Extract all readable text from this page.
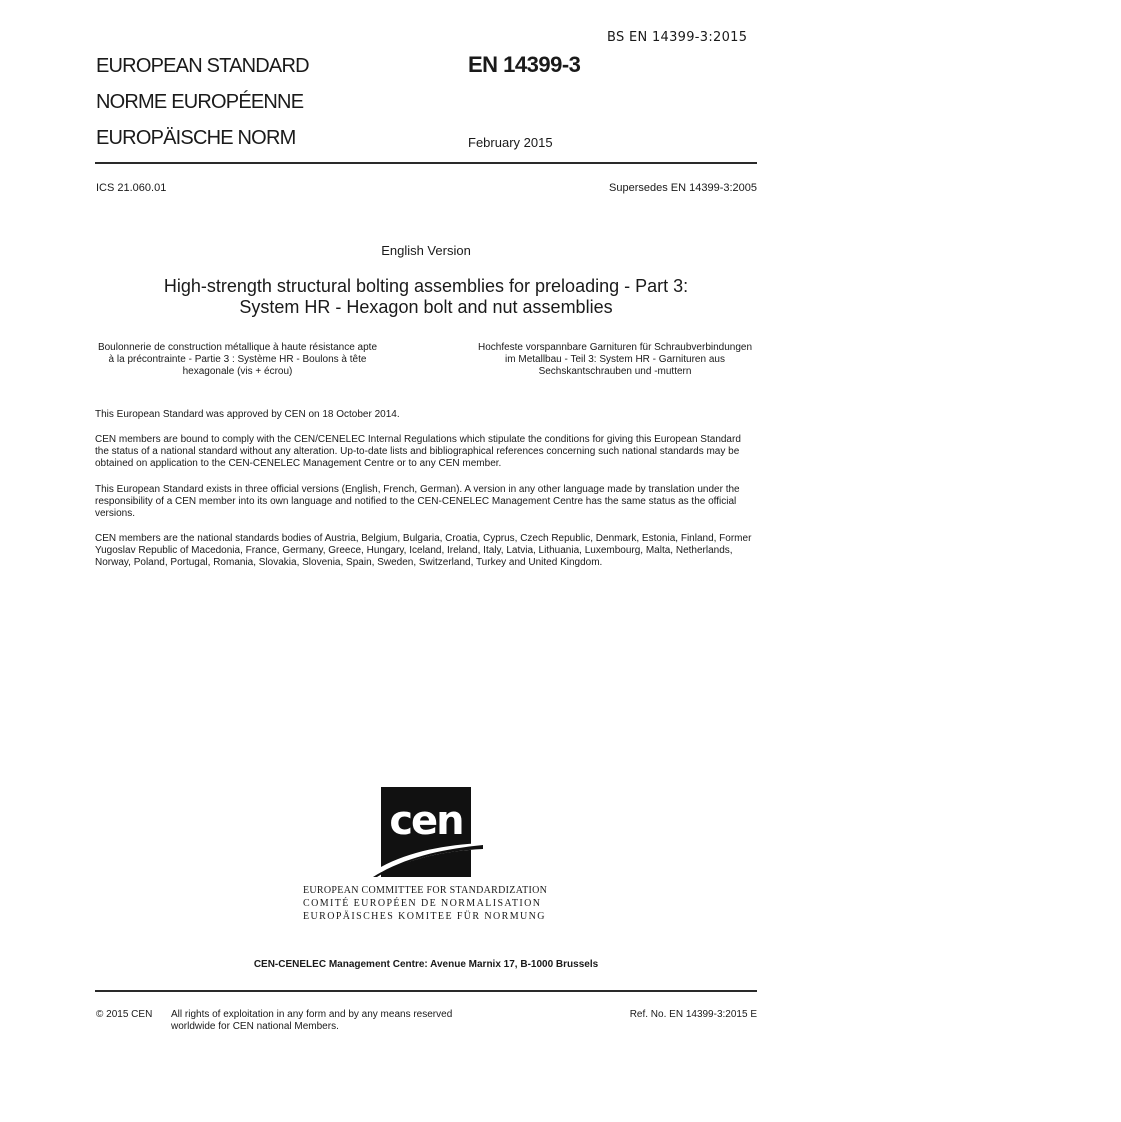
BS EN 14399-3:2015
EUROPEAN STANDARD
NORME EUROPÉENNE
EUROPÄISCHE NORM
EN 14399-3
February 2015
ICS 21.060.01	Supersedes EN 14399-3:2005
English Version
High-strength structural bolting assemblies for preloading - Part 3: System HR - Hexagon bolt and nut assemblies
Boulonnerie de construction métallique à haute résistance apte à la précontrainte - Partie 3 : Système HR - Boulons à tête hexagonale (vis + écrou)
Hochfeste vorspannbare Garnituren für Schraubverbindungen im Metallbau - Teil 3: System HR - Garnituren aus Sechskantschrauben und -muttern
This European Standard was approved by CEN on 18 October 2014.
CEN members are bound to comply with the CEN/CENELEC Internal Regulations which stipulate the conditions for giving this European Standard the status of a national standard without any alteration. Up-to-date lists and bibliographical references concerning such national standards may be obtained on application to the CEN-CENELEC Management Centre or to any CEN member.
This European Standard exists in three official versions (English, French, German). A version in any other language made by translation under the responsibility of a CEN member into its own language and notified to the CEN-CENELEC Management Centre has the same status as the official versions.
CEN members are the national standards bodies of Austria, Belgium, Bulgaria, Croatia, Cyprus, Czech Republic, Denmark, Estonia, Finland, Former Yugoslav Republic of Macedonia, France, Germany, Greece, Hungary, Iceland, Ireland, Italy, Latvia, Lithuania, Luxembourg, Malta, Netherlands, Norway, Poland, Portugal, Romania, Slovakia, Slovenia, Spain, Sweden, Switzerland, Turkey and United Kingdom.
cen
EUROPEAN COMMITTEE FOR STANDARDIZATION
COMITÉ EUROPÉEN DE NORMALISATION
EUROPÄISCHES KOMITEE FÜR NORMUNG
CEN-CENELEC Management Centre: Avenue Marnix 17, B-1000 Brussels
© 2015 CEN All rights of exploitation in any form and by any means reserved
worldwide for CEN national Members.
Ref. No. EN 14399-3:2015 E
